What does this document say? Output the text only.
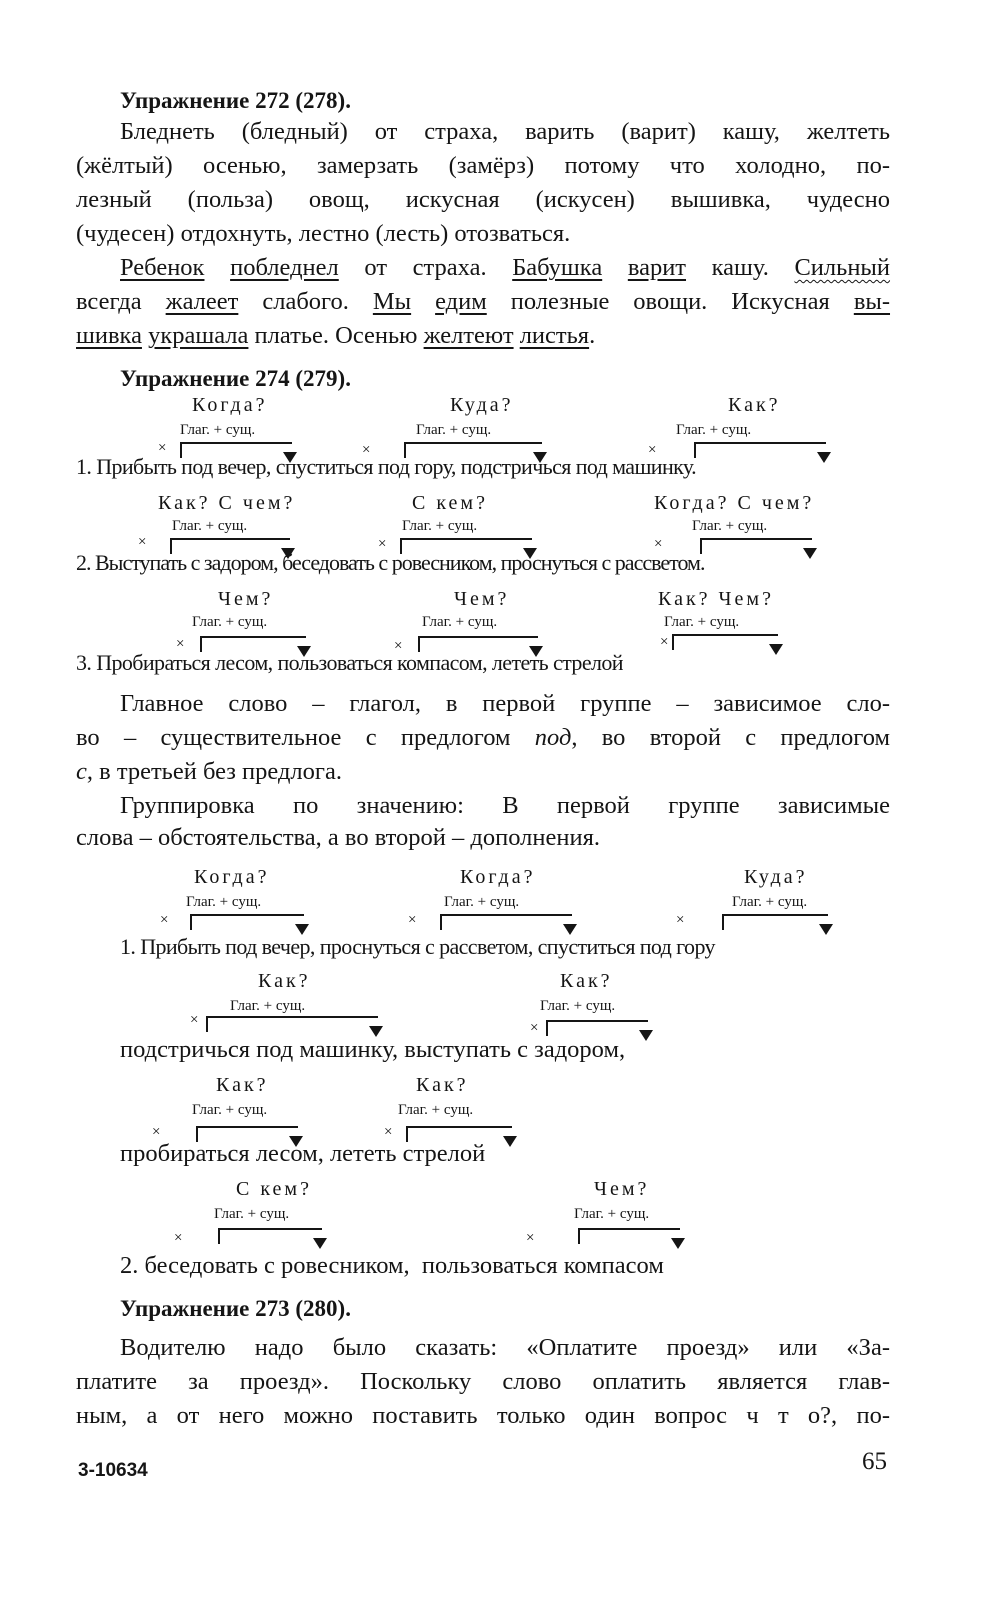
Упражнение 272 (278).
Бледнеть (бледный) от страха, варить (варит) кашу, желтеть
(жёлтый) осенью, замерзать (замёрз) потому что холодно, по-
лезный (польза) овощ, искусная (искусен) вышивка, чудесно
(чудесен) отдохнуть, лестно (лесть) отозваться.
Ребенок побледнел от страха. Бабушка варит кашу. Сильный
всегда жалеет слабого. Мы едим полезные овощи. Искусная вы-
шивка украшала платье. Осенью желтеют листья.
Упражнение 274 (279).
Когда?	Куда?	Как?
Глаг. + сущ.	Глаг. + сущ.	Глаг. + сущ.
×	×	×
1. Прибыть под вечер, спуститься под гору, подстричься под машинку.
Как? С чем?	С кем?	Когда? С чем?
Глаг. + сущ.	Глаг. + сущ.	Глаг. + сущ.
×	×	×
2. Выступать с задором, беседовать с ровесником, проснуться с рассветом.
Чем?	Чем?	Как? Чем?
Глаг. + сущ.	Глаг. + сущ.	Глаг. + сущ.
×	×	×
3. Пробираться лесом, пользоваться компасом, лететь стрелой
Главное слово – глагол, в первой группе – зависимое сло-
во – существительное с предлогом под, во второй с предлогом
с, в третьей без предлога.
Группировка по значению: В первой группе зависимые
слова – обстоятельства, а во второй – дополнения.
Когда?	Когда?	Куда?
Глаг. + сущ.	Глаг. + сущ.	Глаг. + сущ.
×	×	×
1. Прибыть под вечер, проснуться с рассветом, спуститься под гору
Как?	Как?
Глаг. + сущ.	Глаг. + сущ.
×	×
подстричься под машинку, выступать с задором,
Как?	Как?
Глаг. + сущ.	Глаг. + сущ.
×	×
пробираться лесом, лететь стрелой
С кем?	Чем?
Глаг. + сущ.	Глаг. + сущ.
×	×
2. беседовать с ровесником,  пользоваться компасом
Упражнение 273 (280).
Водителю надо было сказать: «Оплатите проезд» или «За-
платите за проезд». Поскольку слово оплатить является глав-
ным, а от него можно поставить только один вопрос ч т о?, по-
3-10634	65
